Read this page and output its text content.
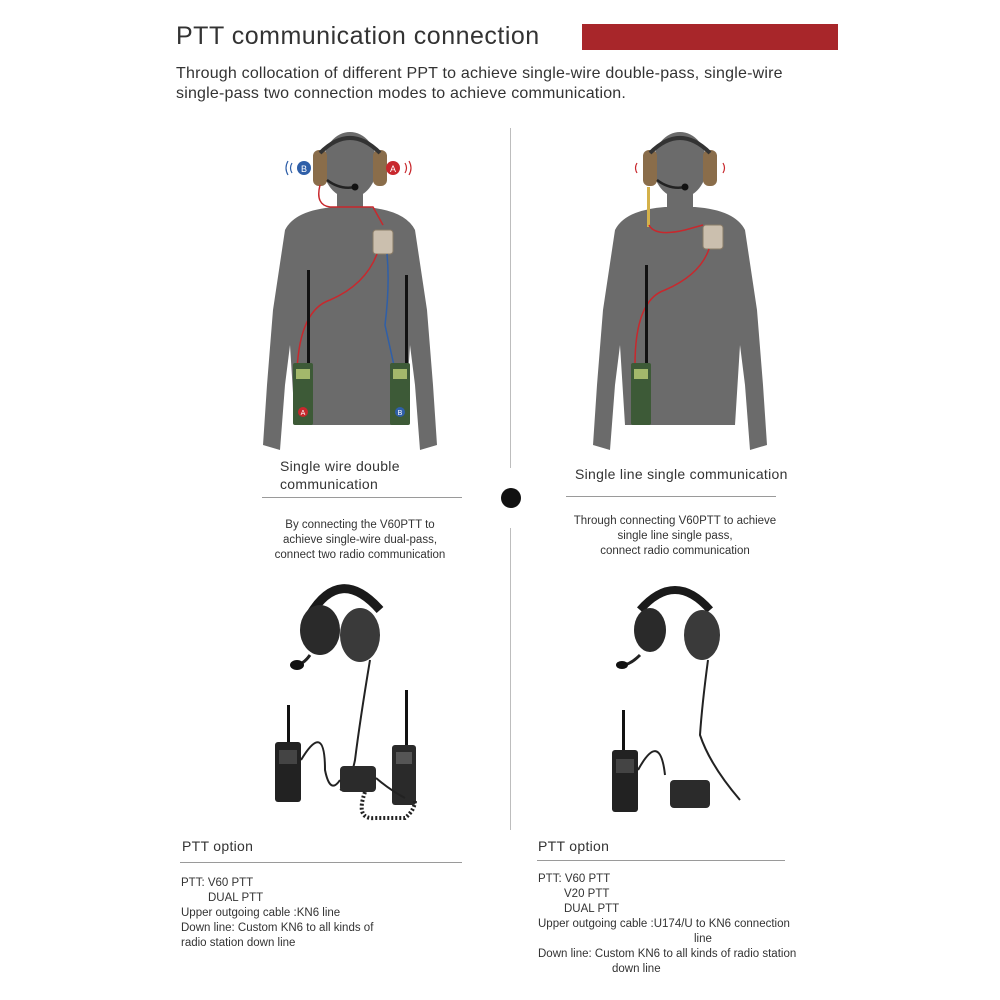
PTT communication connection
Through collocation of different PPT to achieve single-wire double-pass, single-wire
single-pass two connection modes to achieve communication.
B	A
A	B
Single wire double
communication
Single line single communication
By connecting the V60PTT to
achieve single-wire dual-pass,
connect two radio communication
Through connecting V60PTT to achieve
single line single pass,
connect radio communication
PTT option	PTT option
PTT: V60 PTT
DUAL PTT
Upper outgoing cable :KN6 line
Down line: Custom KN6 to all kinds of
radio station down line
PTT: V60 PTT
V20 PTT
DUAL PTT
Upper outgoing cable :U174/U to KN6 connection
line
Down line: Custom KN6 to all kinds of radio station
down line
